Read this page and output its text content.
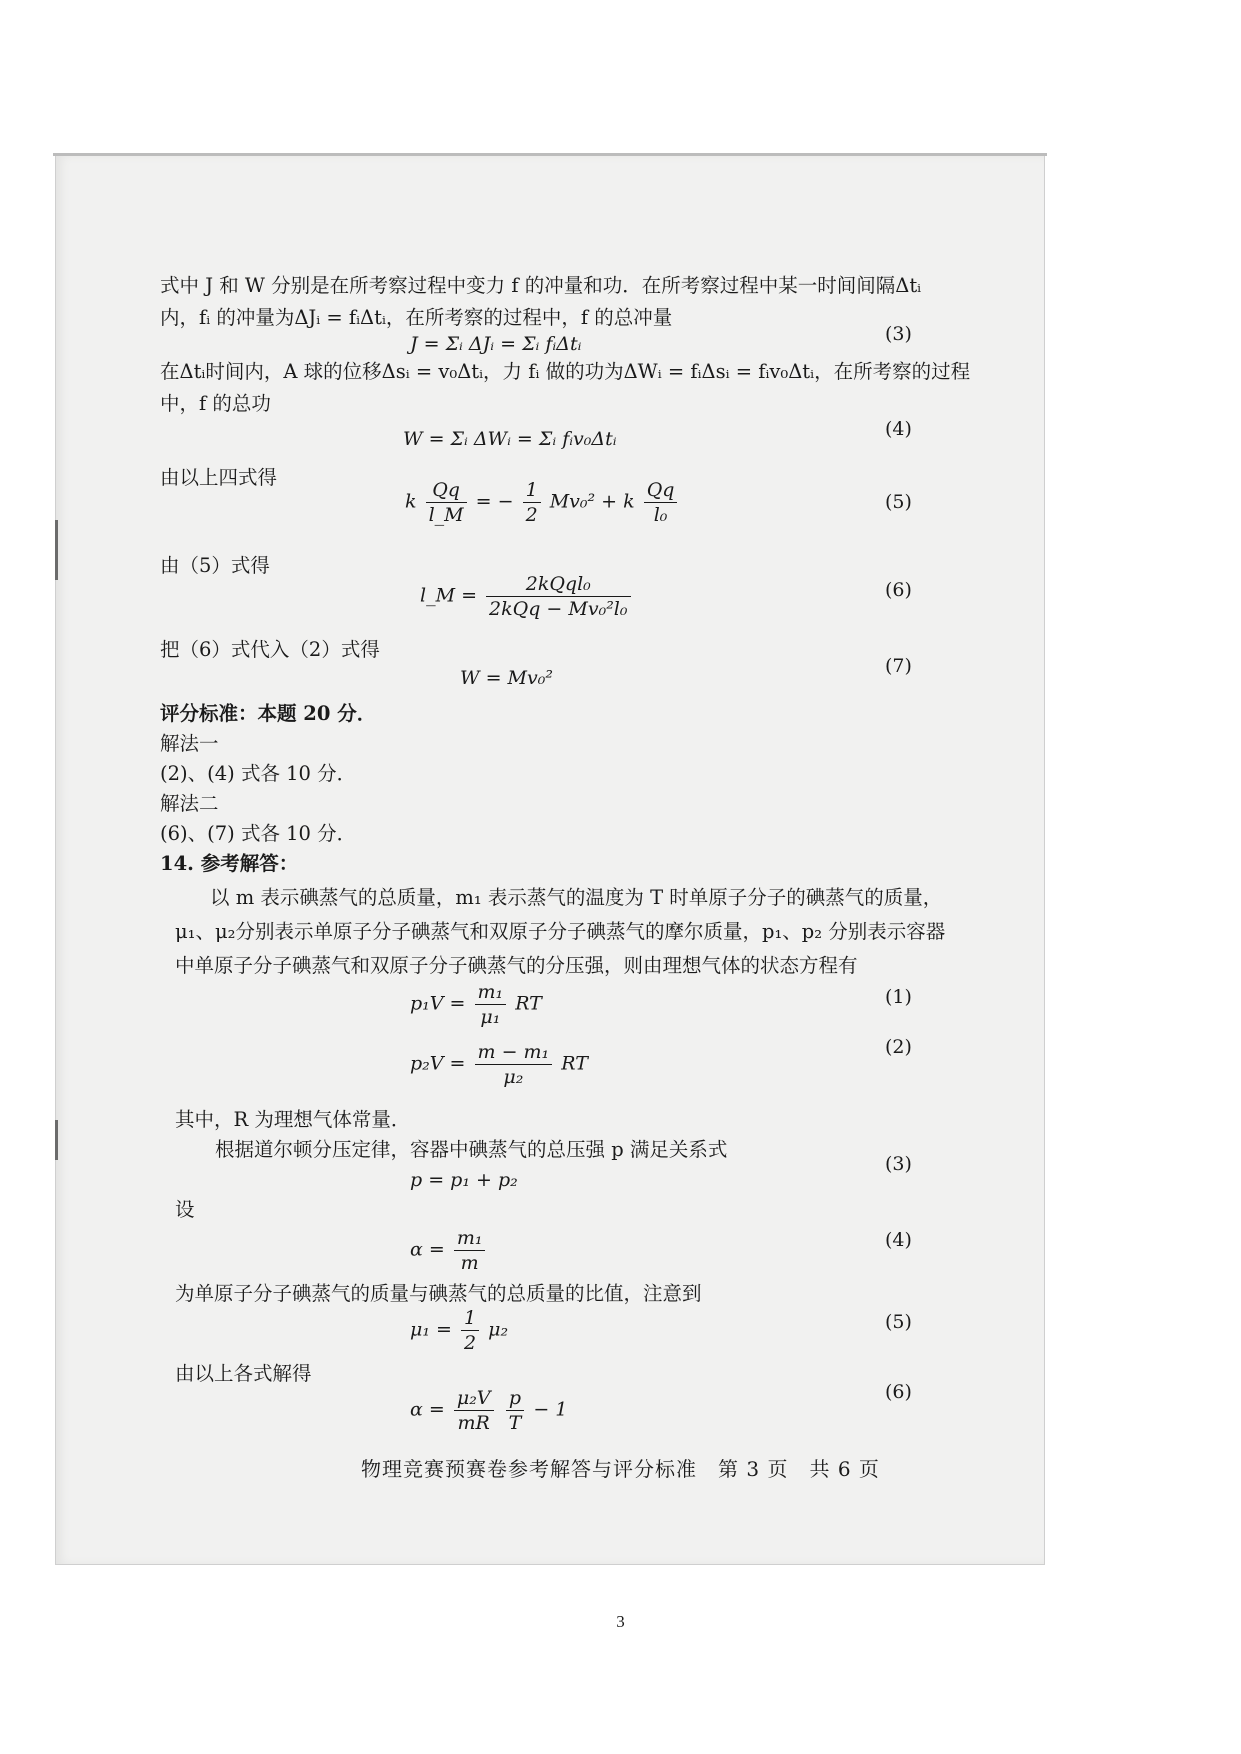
式中 J 和 W 分别是在所考察过程中变力 f 的冲量和功．在所考察过程中某一时间间隔Δtᵢ
内，fᵢ 的冲量为ΔJᵢ = fᵢΔtᵢ，在所考察的过程中，f 的总冲量
J = Σᵢ ΔJᵢ = Σᵢ fᵢΔtᵢ	(3)
在Δtᵢ时间内，A 球的位移Δsᵢ = v₀Δtᵢ，力 fᵢ 做的功为ΔWᵢ = fᵢΔsᵢ = fᵢv₀Δtᵢ，在所考察的过程
中，f 的总功
W = Σᵢ ΔWᵢ = Σᵢ fᵢv₀Δtᵢ	(4)
由以上四式得
k $\frac{Qq}{l\_M}$ = − $\frac{1}{2} Mv_0^2 + k \frac{Qq}{\text{l₀}}$	(5)
由（5）式得
l_M = $\frac{\text{2kQql₀}}{\text{2kQq − Mv₀²l₀}}$	(6)
把（6）式代入（2）式得
W = Mv₀²
(7)
评分标准：本题 20 分．
解法一
(2)、(4) 式各 10 分．
解法二
(6)、(7) 式各 10 分．
14. 参考解答：
以 m 表示碘蒸气的总质量，m₁ 表示蒸气的温度为 T 时单原子分子的碘蒸气的质量，
μ₁、μ₂分别表示单原子分子碘蒸气和双原子分子碘蒸气的摩尔质量，p₁、p₂ 分别表示容器
中单原子分子碘蒸气和双原子分子碘蒸气的分压强，则由理想气体的状态方程有
$p_1V = \frac{\text{m₁}}{\text{μ₁}}$ RT	(1)
$p_2V = \frac{\text{m − m₁}}{\text{μ₂}}$ RT
(2)
其中，R 为理想气体常量．
根据道尔顿分压定律，容器中碘蒸气的总压强 p 满足关系式
p = p₁ + p₂
(3)
设
$\alpha = \frac{\text{m₁}}{m}$	(4)
为单原子分子碘蒸气的质量与碘蒸气的总质量的比值，注意到
$\mu_1 = \frac{1}{2} \mu_2$	(5)
由以上各式解得
$\alpha = \frac{\text{μ₂V}}{mR}$
$\frac{p}{T} - 1$
(6)
物理竞赛预赛卷参考解答与评分标准　第 3 页　共 6 页
3
